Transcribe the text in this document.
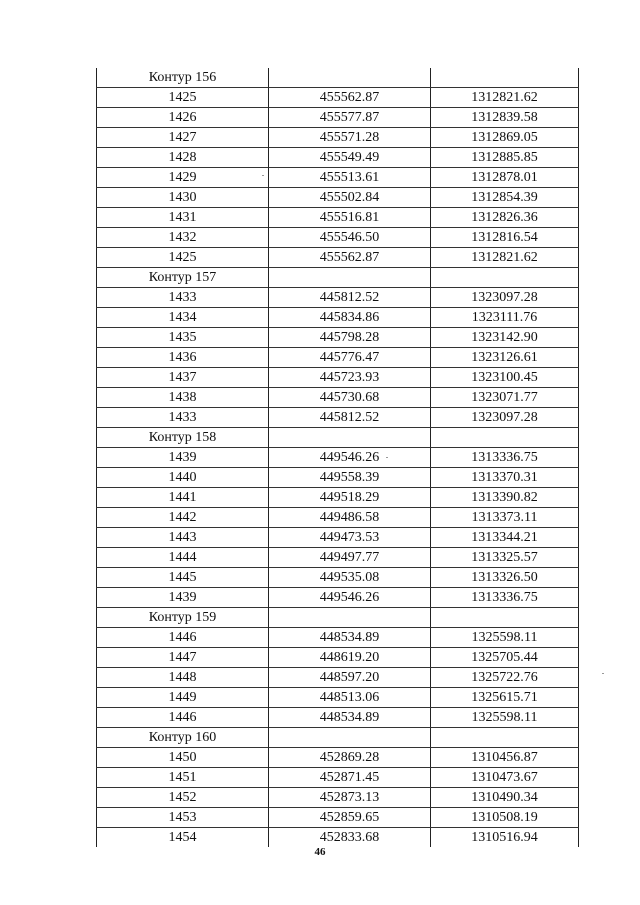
Контур 156		
1425	455562.87	1312821.62
1426	455577.87	1312839.58
1427	455571.28	1312869.05
1428	455549.49	1312885.85
1429	455513.61	1312878.01
1430	455502.84	1312854.39
1431	455516.81	1312826.36
1432	455546.50	1312816.54
1425	455562.87	1312821.62
Контур 157		
1433	445812.52	1323097.28
1434	445834.86	1323111.76
1435	445798.28	1323142.90
1436	445776.47	1323126.61
1437	445723.93	1323100.45
1438	445730.68	1323071.77
1433	445812.52	1323097.28
Контур 158		
1439	449546.26	1313336.75
1440	449558.39	1313370.31
1441	449518.29	1313390.82
1442	449486.58	1313373.11
1443	449473.53	1313344.21
1444	449497.77	1313325.57
1445	449535.08	1313326.50
1439	449546.26	1313336.75
Контур 159		
1446	448534.89	1325598.11
1447	448619.20	1325705.44
1448	448597.20	1325722.76
1449	448513.06	1325615.71
1446	448534.89	1325598.11
Контур 160		
1450	452869.28	1310456.87
1451	452871.45	1310473.67
1452	452873.13	1310490.34
1453	452859.65	1310508.19
1454	452833.68	1310516.94
46
